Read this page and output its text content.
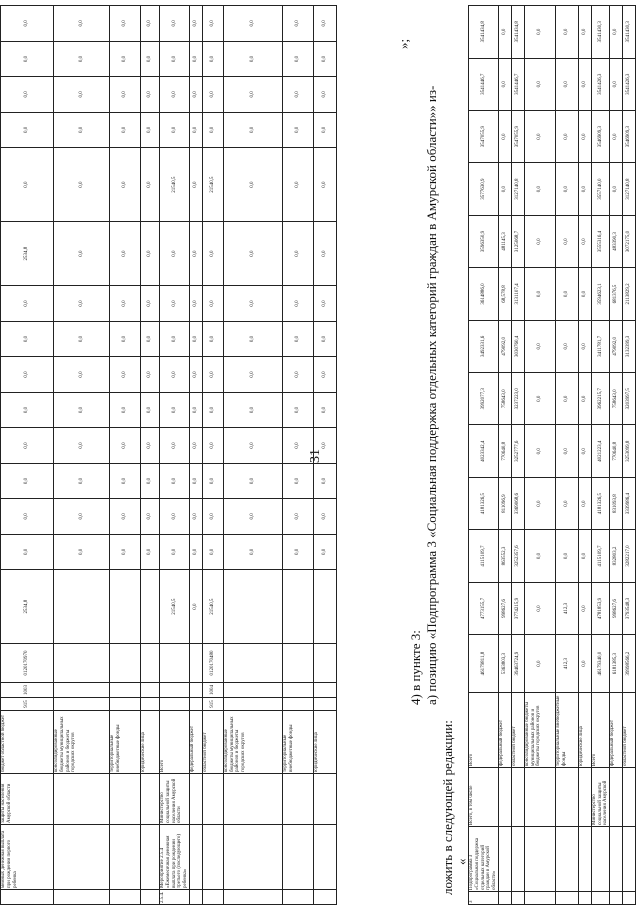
31
	мемных денежная выплата при рождении первого ребенка	защиты населения Амурской области	бюджет областной бюджет	915	1003	0120170970	2534,8	0,0	0,0	0,0	0,0	0,0	0,0	0,0	0,0	2534,8	0,0	0,0	0,0	0,0	0,0
			консолидированные бюджеты муниципальных районов и бюджеты городских округов					0,0	0,0	0,0	0,0	0,0	0,0	0,0	0,0	0,0	0,0	0,0	0,0	0,0	0,0
			территориальные внебюджетные фонды					0,0	0,0	0,0	0,0	0,0	0,0	0,0	0,0	0,0	0,0	0,0	0,0	0,0	0,0
			юридические лица					0,0	0,0	0,0	0,0	0,0	0,0	0,0	0,0	0,0	0,0	0,0	0,0	0,0	0,0
2.5.4.	Мероприятие 2.5.4 «Ежемесячная денежная выплата при рождении третьего (последующего) ребенка»	Министерство социальной защиты населения Амурской области	Всего				21540,5	0,0	0,0	0,0	0,0	0,0	0,0	0,0	0,0	0,0	21540,5	0,0	0,0	0,0	0,0
			федеральный бюджет				0,0	0,0	0,0	0,0	0,0	0,0	0,0	0,0	0,0	0,0	0,0	0,0	0,0	0,0	0,0
			областной бюджет	915	1004	0120170480	21540,5	0,0	0,0	0,0	0,0	0,0	0,0	0,0	0,0	0,0	21540,5	0,0	0,0	0,0	0,0
			консолидированные бюджеты муниципальных районов и бюджеты городских округов					0,0	0,0	0,0	0,0	0,0	0,0	0,0	0,0	0,0	0,0	0,0	0,0	0,0	0,0
			территориальные внебюджетные фонды					0,0	0,0	0,0	0,0	0,0	0,0	0,0	0,0	0,0	0,0	0,0	0,0	0,0	0,0
			юридические лица					0,0	0,0	0,0	0,0	0,0	0,0	0,0	0,0	0,0	0,0	0,0	0,0	0,0	0,0
4) в пункте 3: а) позицию «Подпрограмма 3 «Социальная поддержка отдельных категорий граждан в Амурской области»» из-
ложить в следующей редакции: «
»;
3	Подпрограмма 3 «Социальная поддержка отдельных категорий граждан в Амурской области»	Всего, в том числе	Всего	46179811,8	4773155,7	4115109,7	4181326,5	4023342,4	3992077,3	3492331,6	3614886,0	3596350,9	3577630,9	3547055,9	3541446,7	3541434,8
			федеральный бюджет	5363803,3	998627,6	863552,3	811096,9	770640,8	758643,0	479092,0	68,578,8	481145,3	0,0	0,0	0,0	0,0
			областной бюджет	39463724,9	3774215,9	3252357,6	3369068,6	3252777,6	3237223,0	3030760,4	3131107,4	3125068,7	3127140,8	3547055,9	3541446,7	3541434,8
			консолидированные бюджеты муниципальных районов и бюджеты городских округов	0,0	0,0	0,0	0,0	0,0	0,0	0,0	0,0	0,0	0,0	0,0	0,0	0,0
			территориальные внебюджетные фонды	412,3	412,3	0,0	0,0	0,0	0,0	0,0	0,0	0,0	0,0	0,0	0,0	0,0
			юридические лица	0,0	0,0	0,0	0,0	0,0	0,0	0,0	0,0	0,0	0,0	0,0	0,0	0,0
		Министерство социальной защиты населения Амурской	Всего	46179340,0	4781853,9	4115109,7	4181326,5	4021223,4	3962215,7	3411781,7	3594623,1	3555316,4	3557140,0	3546909,3	3541426,3	3541430,3
			федеральный бюджет	6181385,3	998627,6	832803,2	831093,8	770640,8	758643,0	479092,0	681376,5	483390,3	0,0	0,0	0,0	0,0
			областной бюджет	39998566,2	3793548,3	3282217,0	3339986,4	3253099,8	3203997,5	3132399,3	2113829,2	3072175,0	3127140,8	3546909,3	3541426,3	3541430,3
